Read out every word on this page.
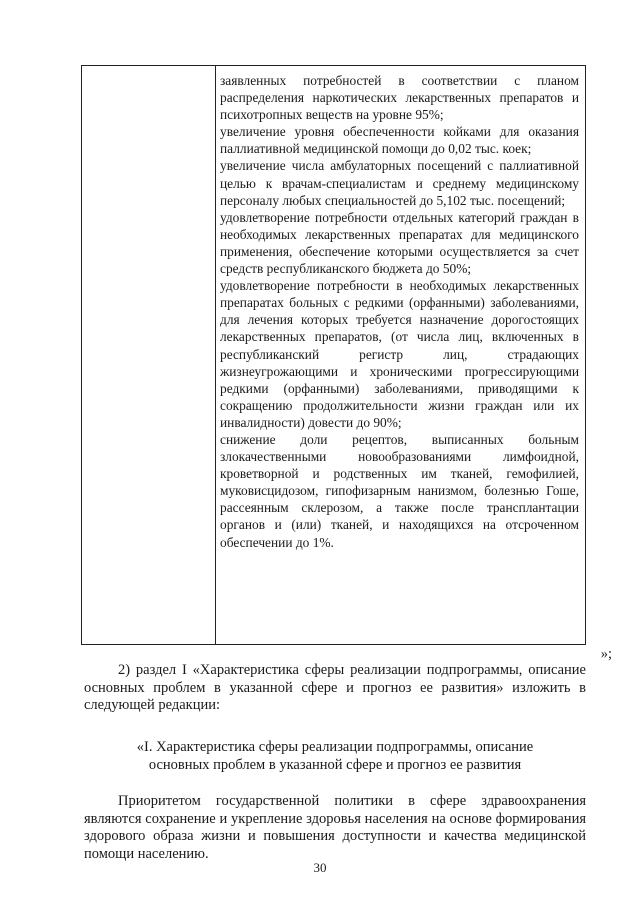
заявленных потребностей в соответствии с планом распределения наркотических лекарственных препаратов и психотропных веществ на уровне 95%;

увеличение уровня обеспеченности койками для оказания паллиативной медицинской помощи до 0,02 тыс. коек;

увеличение числа амбулаторных посещений с паллиативной целью к врачам-специалистам и среднему медицинскому персоналу любых специальностей до 5,102 тыс. посещений;

удовлетворение потребности отдельных категорий граждан в необходимых лекарственных препаратах для медицинского применения, обеспечение которыми осуществляется за счет средств республиканского бюджета до 50%;

удовлетворение потребности в необходимых лекарственных препаратах больных с редкими (орфанными) заболеваниями, для лечения которых требуется назначение дорогостоящих лекарственных препаратов, (от числа лиц, включенных в республиканский регистр лиц, страдающих жизнеугрожающими и хроническими прогрессирующими редкими (орфанными) заболеваниями, приводящими к сокращению продолжительности жизни граждан или их инвалидности) довести до 90%;

снижение доли рецептов, выписанных больным злокачественными новообразованиями лимфоидной, кроветворной и родственных им тканей, гемофилией, муковисцидозом, гипофизарным нанизмом, болезнью Гоше, рассеянным склерозом, а также после трансплантации органов и (или) тканей, и находящихся на отсроченном обеспечении до 1%.

»;

2) раздел I «Характеристика сферы реализации подпрограммы, описание основных проблем в указанной сфере и прогноз ее развития» изложить в следующей редакции:

«I. Характеристика сферы реализации подпрограммы, описание основных проблем в указанной сфере и прогноз ее развития

Приоритетом государственной политики в сфере здравоохранения являются сохранение и укрепление здоровья населения на основе формирования здорового образа жизни и повышения доступности и качества медицинской помощи населению.

30
